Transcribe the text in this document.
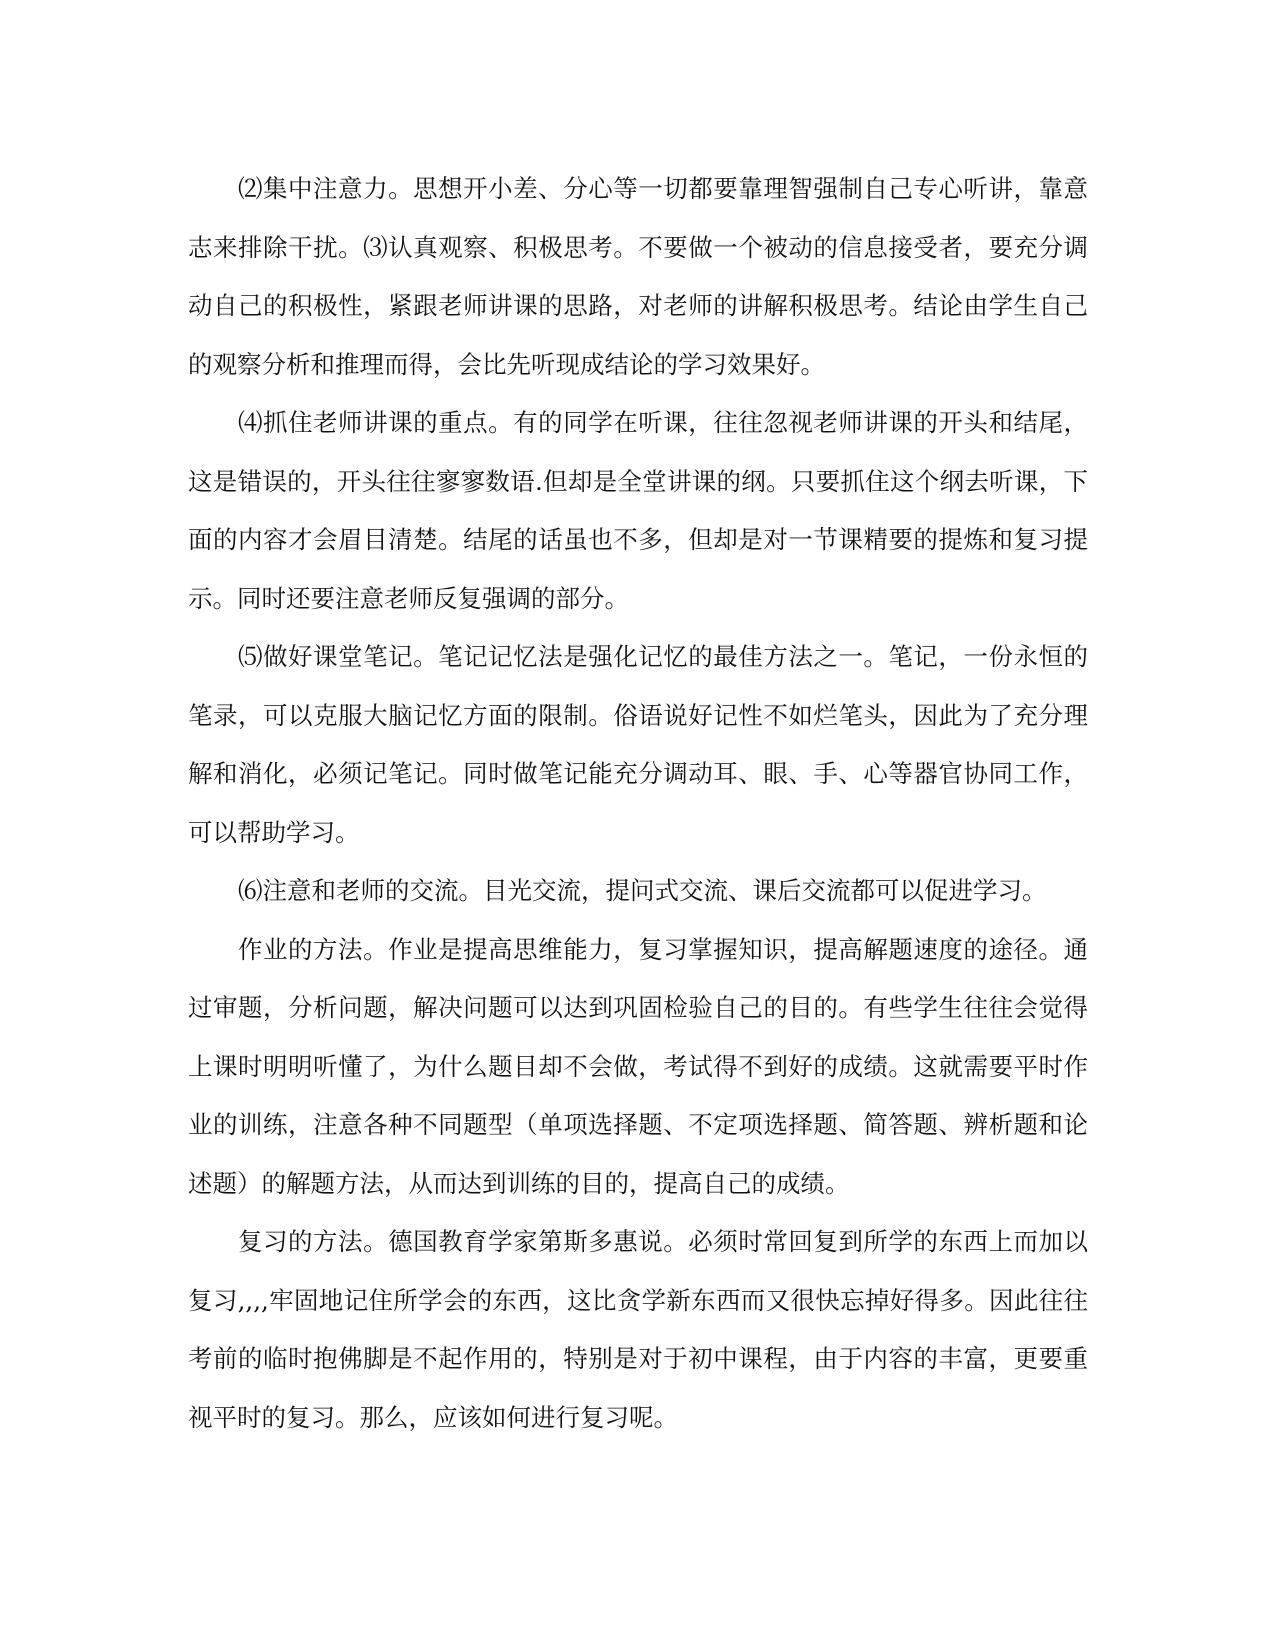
⑵集中注意力。思想开小差、分心等一切都要靠理智强制自己专心听讲，靠意志来排除干扰。⑶认真观察、积极思考。不要做一个被动的信息接受者，要充分调动自己的积极性，紧跟老师讲课的思路，对老师的讲解积极思考。结论由学生自己的观察分析和推理而得，会比先听现成结论的学习效果好。

⑷抓住老师讲课的重点。有的同学在听课，往往忽视老师讲课的开头和结尾，这是错误的，开头往往寥寥数语.但却是全堂讲课的纲。只要抓住这个纲去听课，下面的内容才会眉目清楚。结尾的话虽也不多，但却是对一节课精要的提炼和复习提示。同时还要注意老师反复强调的部分。

⑸做好课堂笔记。笔记记忆法是强化记忆的最佳方法之一。笔记，一份永恒的笔录，可以克服大脑记忆方面的限制。俗语说好记性不如烂笔头，因此为了充分理解和消化，必须记笔记。同时做笔记能充分调动耳、眼、手、心等器官协同工作，可以帮助学习。

⑹注意和老师的交流。目光交流，提问式交流、课后交流都可以促进学习。

作业的方法。作业是提高思维能力，复习掌握知识，提高解题速度的途径。通过审题，分析问题，解决问题可以达到巩固检验自己的目的。有些学生往往会觉得上课时明明听懂了，为什么题目却不会做，考试得不到好的成绩。这就需要平时作业的训练，注意各种不同题型（单项选择题、不定项选择题、简答题、辨析题和论述题）的解题方法，从而达到训练的目的，提高自己的成绩。

复习的方法。德国教育学家第斯多惠说。必须时常回复到所学的东西上而加以复习,,,,牢固地记住所学会的东西，这比贪学新东西而又很快忘掉好得多。因此往往考前的临时抱佛脚是不起作用的，特别是对于初中课程，由于内容的丰富，更要重视平时的复习。那么，应该如何进行复习呢。
